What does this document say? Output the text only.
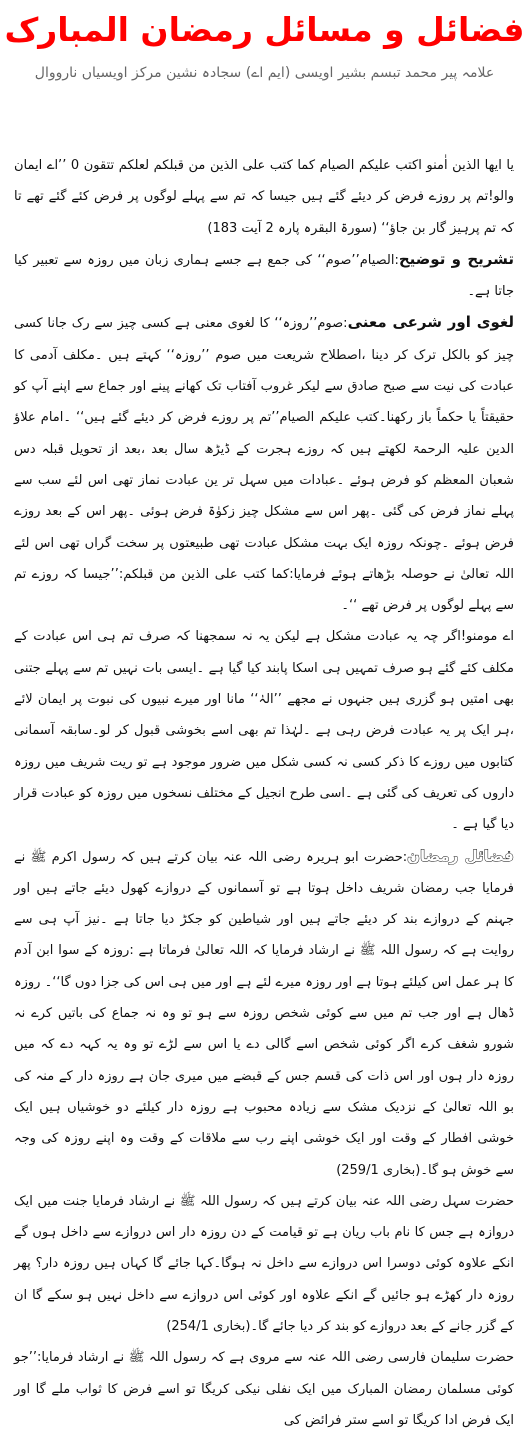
فضائل و مسائل رمضان المبارک
علامہ پیر محمد تبسم بشیر اویسی (ایم اے) سجادہ نشین مرکز اویسیاں نارووال

یا ایھا الذین اٰمنو اکتب علیکم الصیام کما کتب علی الذین من قبلکم لعلکم تتقون 0 ’’اے ایمان والو!تم پر روزے فرض کر دیئے گئے ہیں جیسا کہ تم سے پہلے لوگوں پر فرض کئے گئے تھے تا کہ تم پرہیز گار بن جاؤ‘‘ (سورۃ البقرہ پارہ 2 آیت 183)

تشریح و توضیح:الصیام’’صوم‘‘ کی جمع ہے جسے ہماری زبان میں روزہ سے تعبیر کیا جاتا ہے۔

لغوی اور شرعی معنی:صوم’’روزہ‘‘ کا لغوی معنی ہے کسی چیز سے رک جانا کسی چیز کو بالکل ترک کر دینا ،اصطلاح شریعت میں صوم ’’روزہ‘‘ کہتے ہیں ۔مکلف آدمی کا عبادت کی نیت سے صبح صادق سے لیکر غروب آفتاب تک کھانے پینے اور جماع سے اپنے آپ کو حقیقتاً یا حکماً باز رکھنا۔کتب علیکم الصیام’’تم پر روزے فرض کر دیئے گئے ہیں‘‘ ۔امام علاؤ الدین علیہ الرحمۃ لکھتے ہیں کہ روزے ہجرت کے ڈیڑھ سال بعد ،بعد از تحویل قبلہ دس شعبان المعظم کو فرض ہوئے ۔عبادات میں سہل تر ین عبادت نماز تھی اس لئے سب سے پہلے نماز فرض کی گئی ۔پھر اس سے مشکل چیز زکوٰۃ فرض ہوئی ۔پھر اس کے بعد روزے فرض ہوئے ۔چونکہ روزہ ایک بہت مشکل عبادت تھی طبیعتوں پر سخت گراں تھی اس لئے اللہ تعالیٰ نے حوصلہ بڑھاتے ہوئے فرمایا:کما کتب علی الذین من قبلکم:’’جیسا کہ روزے تم سے پہلے لوگوں پر فرض تھے ‘‘۔

اے مومنو!اگر چہ یہ عبادت مشکل ہے لیکن یہ نہ سمجھنا کہ صرف تم ہی اس عبادت کے مکلف کئے گئے ہو صرف تمہیں ہی اسکا پابند کیا گیا ہے ۔ایسی بات نہیں تم سے پہلے جتنی بھی امتیں ہو گزری ہیں جنہوں نے مجھے ’’الہٰ‘‘ مانا اور میرے نبیوں کی نبوت پر ایمان لائے ،ہر ایک پر یہ عبادت فرض رہی ہے ۔لہٰذا تم بھی اسے بخوشی قبول کر لو۔سابقہ آسمانی کتابوں میں روزے کا ذکر کسی نہ کسی شکل میں ضرور موجود ہے تو ریت شریف میں روزہ داروں کی تعریف کی گئی ہے ۔اسی طرح انجیل کے مختلف نسخوں میں روزہ کو عبادت قرار دیا گیا ہے ۔

فضائل رمضان:حضرت ابو ہریرہ رضی اللہ عنہ بیان کرتے ہیں کہ رسول اکرم ﷺ نے فرمایا جب رمضان شریف داخل ہوتا ہے تو آسمانوں کے دروازے کھول دیئے جاتے ہیں اور جہنم کے دروازے بند کر دیئے جاتے ہیں اور شیاطین کو جکڑ دیا جاتا ہے ۔نیز آپ ہی سے روایت ہے کہ رسول اللہ ﷺ نے ارشاد فرمایا کہ اللہ تعالیٰ فرماتا ہے :روزہ کے سوا ابن آدم کا ہر عمل اس کیلئے ہوتا ہے اور روزہ میرے لئے ہے اور میں ہی اس کی جزا دوں گا‘‘۔ روزہ ڈھال ہے اور جب تم میں سے کوئی شخص روزہ سے ہو تو وہ نہ جماع کی باتیں کرے نہ شورو شغف کرے اگر کوئی شخص اسے گالی دے یا اس سے لڑے تو وہ یہ کہہ دے کہ میں روزہ دار ہوں اور اس ذات کی قسم جس کے قبضے میں میری جان ہے روزہ دار کے منہ کی بو اللہ تعالیٰ کے نزدیک مشک سے زیادہ محبوب ہے روزہ دار کیلئے دو خوشیاں ہیں ایک خوشی افطار کے وقت اور ایک خوشی اپنے رب سے ملاقات کے وقت وہ اپنے روزہ کی وجہ سے خوش ہو گا۔(بخاری 259/1)

حضرت سہل رضی اللہ عنہ بیان کرتے ہیں کہ رسول اللہ ﷺ نے ارشاد فرمایا جنت میں ایک دروازہ ہے جس کا نام باب ریان ہے تو قیامت کے دن روزہ دار اس دروازے سے داخل ہوں گے انکے علاوہ کوئی دوسرا اس دروازے سے داخل نہ ہوگا۔کہا جائے گا کہاں ہیں روزہ دار؟ پھر روزہ دار کھڑے ہو جائیں گے انکے علاوہ اور کوئی اس دروازے سے داخل نہیں ہو سکے گا ان کے گزر جانے کے بعد دروازے کو بند کر دیا جائے گا۔(بخاری 254/1)

حضرت سلیمان فارسی رضی اللہ عنہ سے مروی ہے کہ رسول اللہ ﷺ نے ارشاد فرمایا:’’جو کوئی مسلمان رمضان المبارک میں ایک نفلی نیکی کریگا تو اسے فرض کا ثواب ملے گا اور ایک فرض ادا کریگا تو اسے ستر فرائض کی
